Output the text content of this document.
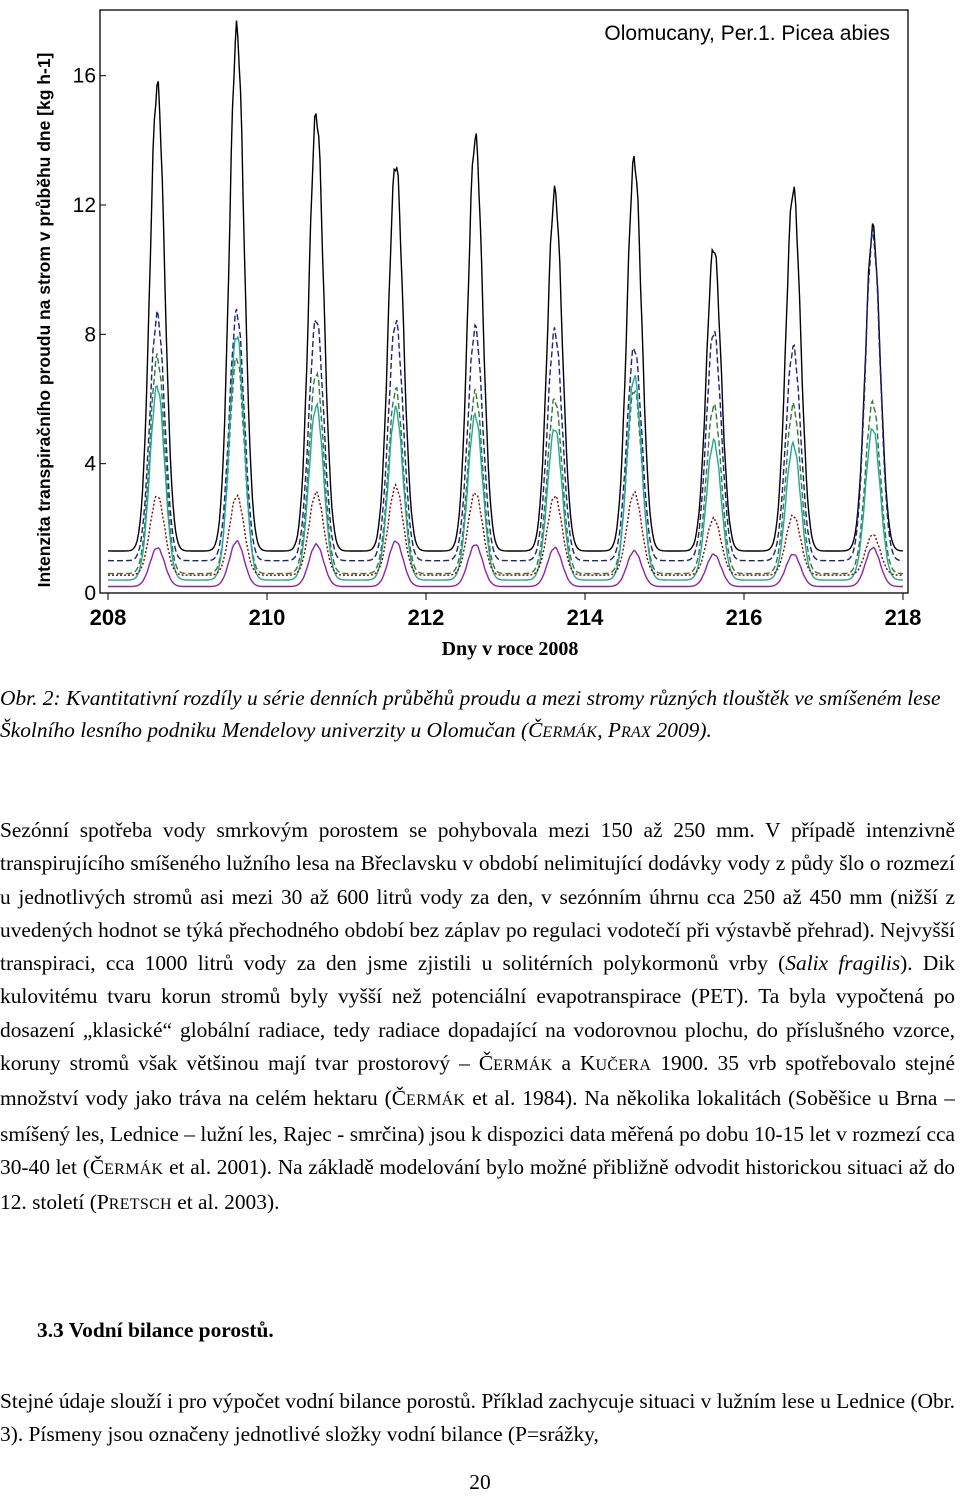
208	210	212	214	216	218
0
4
8
12
16
Olomucany, Per.1. Picea abies
Intenzita transpiračního proudu na strom v průběhu dne [kg h-1]
Dny v roce 2008
Obr. 2: Kvantitativní rozdíly u série denních průběhů proudu a mezi stromy různých tlouštěk ve smíšeném lese Školního lesního podniku Mendelovy univerzity u Olomučan (ČERMÁK, PRAX 2009).
Sezónní spotřeba vody smrkovým porostem se pohybovala mezi 150 až 250 mm. V případě intenzivně transpirujícího smíšeného lužního lesa na Břeclavsku v období nelimitující dodávky vody z půdy šlo o rozmezí u jednotlivých stromů asi mezi 30 až 600 litrů vody za den, v sezónním úhrnu cca 250 až 450 mm (nižší z uvedených hodnot se týká přechodného období bez záplav po regulaci vodotečí při výstavbě přehrad). Nejvyšší transpiraci, cca 1000 litrů vody za den jsme zjistili u solitérních polykormonů vrby (Salix fragilis). Dik kulovitému tvaru korun stromů byly vyšší než potenciální evapotranspirace (PET). Ta byla vypočtená po dosazení „klasické“ globální radiace, tedy radiace dopadající na vodorovnou plochu, do příslušného vzorce, koruny stromů však většinou mají tvar prostorový – ČERMÁK a KUČERA 1900. 35 vrb spotřebovalo stejné množství vody jako tráva na celém hektaru (ČERMÁK et al. 1984). Na několika lokalitách (Soběšice u Brna – smíšený les, Lednice – lužní les, Rajec - smrčina) jsou k dispozici data měřená po dobu 10-15 let v rozmezí cca 30-40 let (ČERMÁK et al. 2001). Na základě modelování bylo možné přibližně odvodit historickou situaci až do 12. století (PRETSCH et al. 2003).
3.3 Vodní bilance porostů.
Stejné údaje slouží i pro výpočet vodní bilance porostů. Příklad zachycuje situaci v lužním lese u Lednice (Obr. 3). Písmeny jsou označeny jednotlivé složky vodní bilance (P=srážky,
20
